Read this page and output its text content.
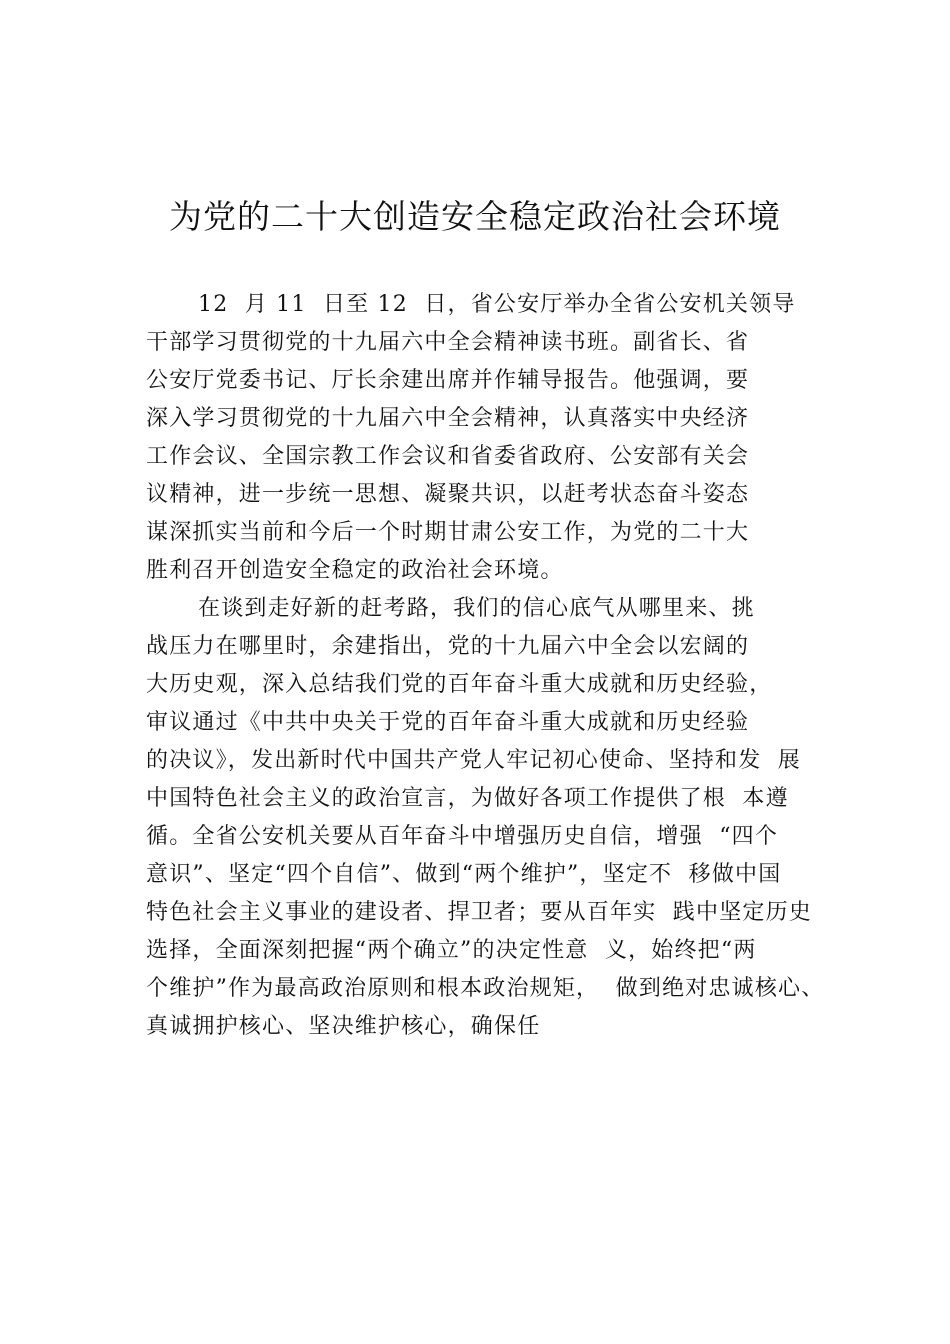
为党的二十大创造安全稳定政治社会环境
12  月 11  日至 12  日，省公安厅举办全省公安机关领导
干部学习贯彻党的十九届六中全会精神读书班。副省长、省
公安厅党委书记、厅长余建出席并作辅导报告。他强调，要
深入学习贯彻党的十九届六中全会精神，认真落实中央经济
工作会议、全国宗教工作会议和省委省政府、公安部有关会
议精神，进一步统一思想、凝聚共识，以赶考状态奋斗姿态
谋深抓实当前和今后一个时期甘肃公安工作，为党的二十大
胜利召开创造安全稳定的政治社会环境。
在谈到走好新的赶考路，我们的信心底气从哪里来、挑
战压力在哪里时，余建指出，党的十九届六中全会以宏阔的
大历史观，深入总结我们党的百年奋斗重大成就和历史经验，
审议通过《中共中央关于党的百年奋斗重大成就和历史经验
的决议》，发出新时代中国共产党人牢记初心使命、坚持和发  展
中国特色社会主义的政治宣言，为做好各项工作提供了根  本遵
循。全省公安机关要从百年奋斗中增强历史自信，增强  “四个
意识”、坚定“四个自信”、做到“两个维护”，坚定不  移做中国
特色社会主义事业的建设者、捍卫者；要从百年实  践中坚定历史
选择，全面深刻把握“两个确立”的决定性意  义，始终把“两
个维护”作为最高政治原则和根本政治规矩，  做到绝对忠诚核心、
真诚拥护核心、坚决维护核心，确保任
